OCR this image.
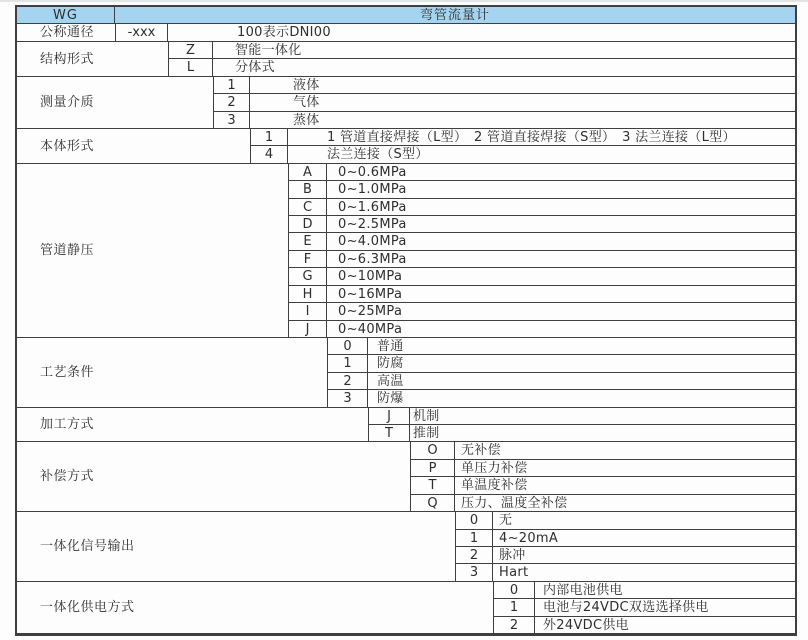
WG	弯管流量计
公称通径	-xxx	100表示DNI00
结构形式
Z	智能一体化
L	分体式
测量介质
1	液体
2	气体
3	蒸体
本体形式
1	1 管道直接焊接（L型）　2 管道直接焊接（S型）　3 法兰连接（L型）
4	法兰连接（S型）
管道静压
A	0~0.6MPa
B	0~1.0MPa
C	0~1.6MPa
D	0~2.5MPa
E	0~4.0MPa
F	0~6.3MPa
G	0~10MPa
H	0~16MPa
I	0~25MPa
J	0~40MPa
工艺条件
0	普通
1	防腐
2	高温
3	防爆
加工方式
J	机制
T	推制
补偿方式
O	无补偿
P	单压力补偿
T	单温度补偿
Q	压力、温度全补偿
一体化信号输出
0	无
1	4~20mA
2	脉冲
3	Hart
一体化供电方式
0	内部电池供电
1	电池与24VDC双选选择供电
2	外24VDC供电
